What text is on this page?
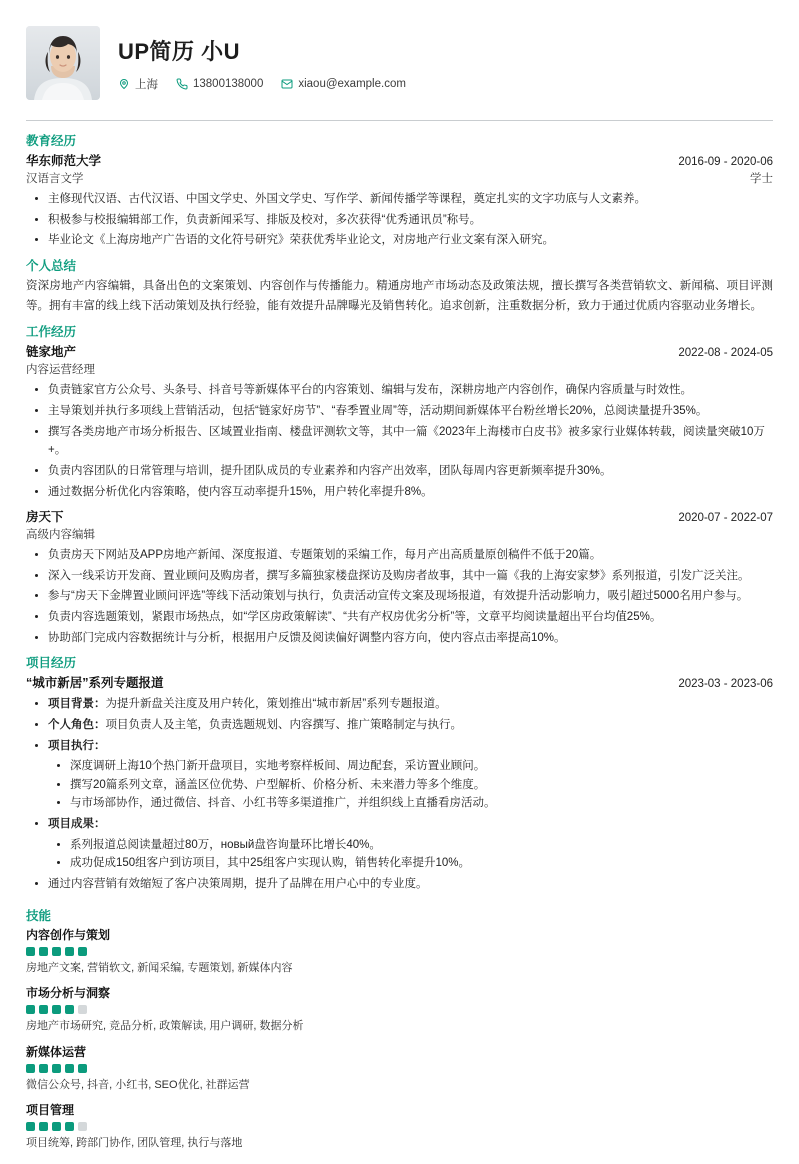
UP简历 小U
上海	13800138000	xiaou@example.com
教育经历
华东师范大学	2016-09 - 2020-06
汉语言文学	学士
• 主修现代汉语、古代汉语、中国文学史、外国文学史、写作学、新闻传播学等课程，奠定扎实的文字功底与人文素养。
• 积极参与校报编辑部工作，负责新闻采写、排版及校对，多次获得“优秀通讯员”称号。
• 毕业论文《上海房地产广告语的文化符号研究》荣获优秀毕业论文，对房地产行业文案有深入研究。
个人总结
资深房地产内容编辑，具备出色的文案策划、内容创作与传播能力。精通房地产市场动态及政策法规，擅长撰写各类营销软文、新闻稿、项目评测等。拥有丰富的线上线下活动策划及执行经验，能有效提升品牌曝光及销售转化。追求创新，注重数据分析，致力于通过优质内容驱动业务增长。
工作经历
链家地产	2022-08 - 2024-05
内容运营经理
• 负责链家官方公众号、头条号、抖音号等新媒体平台的内容策划、编辑与发布，深耕房地产内容创作，确保内容质量与时效性。
• 主导策划并执行多项线上营销活动，包括“链家好房节”、“春季置业周”等，活动期间新媒体平台粉丝增长20%，总阅读量提升35%。
• 撰写各类房地产市场分析报告、区域置业指南、楼盘评测软文等，其中一篇《2023年上海楼市白皮书》被多家行业媒体转载，阅读量突破10万+。
• 负责内容团队的日常管理与培训，提升团队成员的专业素养和内容产出效率，团队每周内容更新频率提升30%。
• 通过数据分析优化内容策略，使内容互动率提升15%，用户转化率提升8%。
房天下	2020-07 - 2022-07
高级内容编辑
• 负责房天下网站及APP房地产新闻、深度报道、专题策划的采编工作，每月产出高质量原创稿件不低于20篇。
• 深入一线采访开发商、置业顾问及购房者，撰写多篇独家楼盘探访及购房者故事，其中一篇《我的上海安家梦》系列报道，引发广泛关注。
• 参与“房天下金牌置业顾问评选”等线下活动策划与执行，负责活动宣传文案及现场报道，有效提升活动影响力，吸引超过5000名用户参与。
• 负责内容选题策划，紧跟市场热点，如“学区房政策解读”、“共有产权房优劣分析”等，文章平均阅读量超出平台均值25%。
• 协助部门完成内容数据统计与分析，根据用户反馈及阅读偏好调整内容方向，使内容点击率提高10%。
项目经历
“城市新居”系列专题报道	2023-03 - 2023-06
• 项目背景：为提升新盘关注度及用户转化，策划推出“城市新居”系列专题报道。
• 个人角色：项目负责人及主笔，负责选题规划、内容撰写、推广策略制定与执行。
• 项目执行：
• 深度调研上海10个热门新开盘项目，实地考察样板间、周边配套，采访置业顾问。
• 撰写20篇系列文章，涵盖区位优势、户型解析、价格分析、未来潜力等多个维度。
• 与市场部协作，通过微信、抖音、小红书等多渠道推广，并组织线上直播看房活动。
• 项目成果：
• 系列报道总阅读量超过80万，новый盘咨询量环比增长40%。
• 成功促成150组客户到访项目，其中25组客户实现认购，销售转化率提升10%。
• 通过内容营销有效缩短了客户决策周期，提升了品牌在用户心中的专业度。
技能
内容创作与策划
房地产文案, 营销软文, 新闻采编, 专题策划, 新媒体内容
市场分析与洞察
房地产市场研究, 竞品分析, 政策解读, 用户调研, 数据分析
新媒体运营
微信公众号, 抖音, 小红书, SEO优化, 社群运营
项目管理
项目统筹, 跨部门协作, 团队管理, 执行与落地
